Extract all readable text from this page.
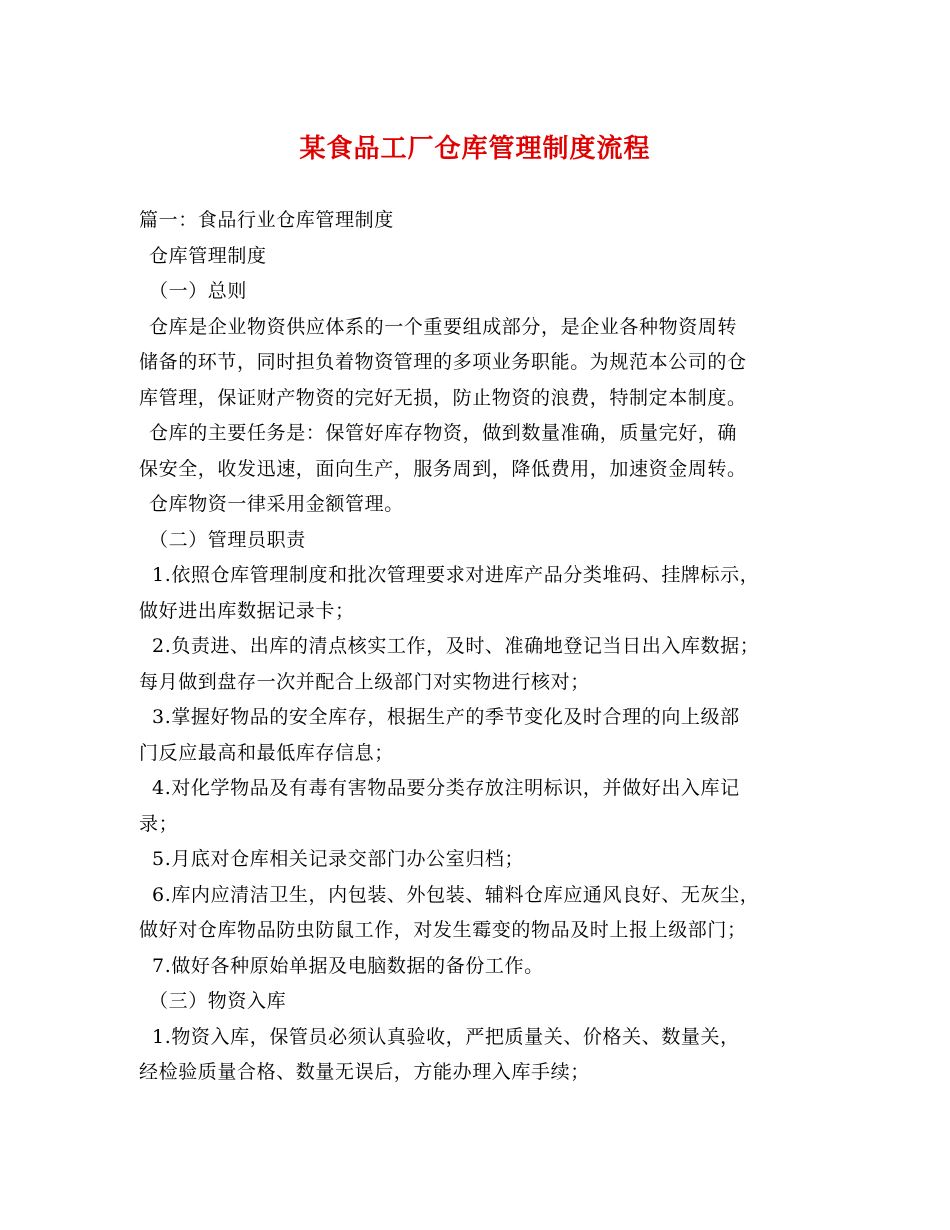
某食品工厂仓库管理制度流程

篇一：食品行业仓库管理制度

仓库管理制度

（一）总则

仓库是企业物资供应体系的一个重要组成部分，是企业各种物资周转

储备的环节，同时担负着物资管理的多项业务职能。为规范本公司的仓

库管理，保证财产物资的完好无损，防止物资的浪费，特制定本制度。

仓库的主要任务是：保管好库存物资，做到数量准确，质量完好，确

保安全，收发迅速，面向生产，服务周到，降低费用，加速资金周转。

仓库物资一律采用金额管理。

（二）管理员职责

1.依照仓库管理制度和批次管理要求对进库产品分类堆码、挂牌标示，

做好进出库数据记录卡；

2.负责进、出库的清点核实工作，及时、准确地登记当日出入库数据；

每月做到盘存一次并配合上级部门对实物进行核对；

3.掌握好物品的安全库存，根据生产的季节变化及时合理的向上级部

门反应最高和最低库存信息；

4.对化学物品及有毒有害物品要分类存放注明标识，并做好出入库记

录；

5.月底对仓库相关记录交部门办公室归档；

6.库内应清洁卫生，内包装、外包装、辅料仓库应通风良好、无灰尘，

做好对仓库物品防虫防鼠工作，对发生霉变的物品及时上报上级部门；

7.做好各种原始单据及电脑数据的备份工作。

（三）物资入库

1.物资入库，保管员必须认真验收，严把质量关、价格关、数量关，

经检验质量合格、数量无误后，方能办理入库手续；
